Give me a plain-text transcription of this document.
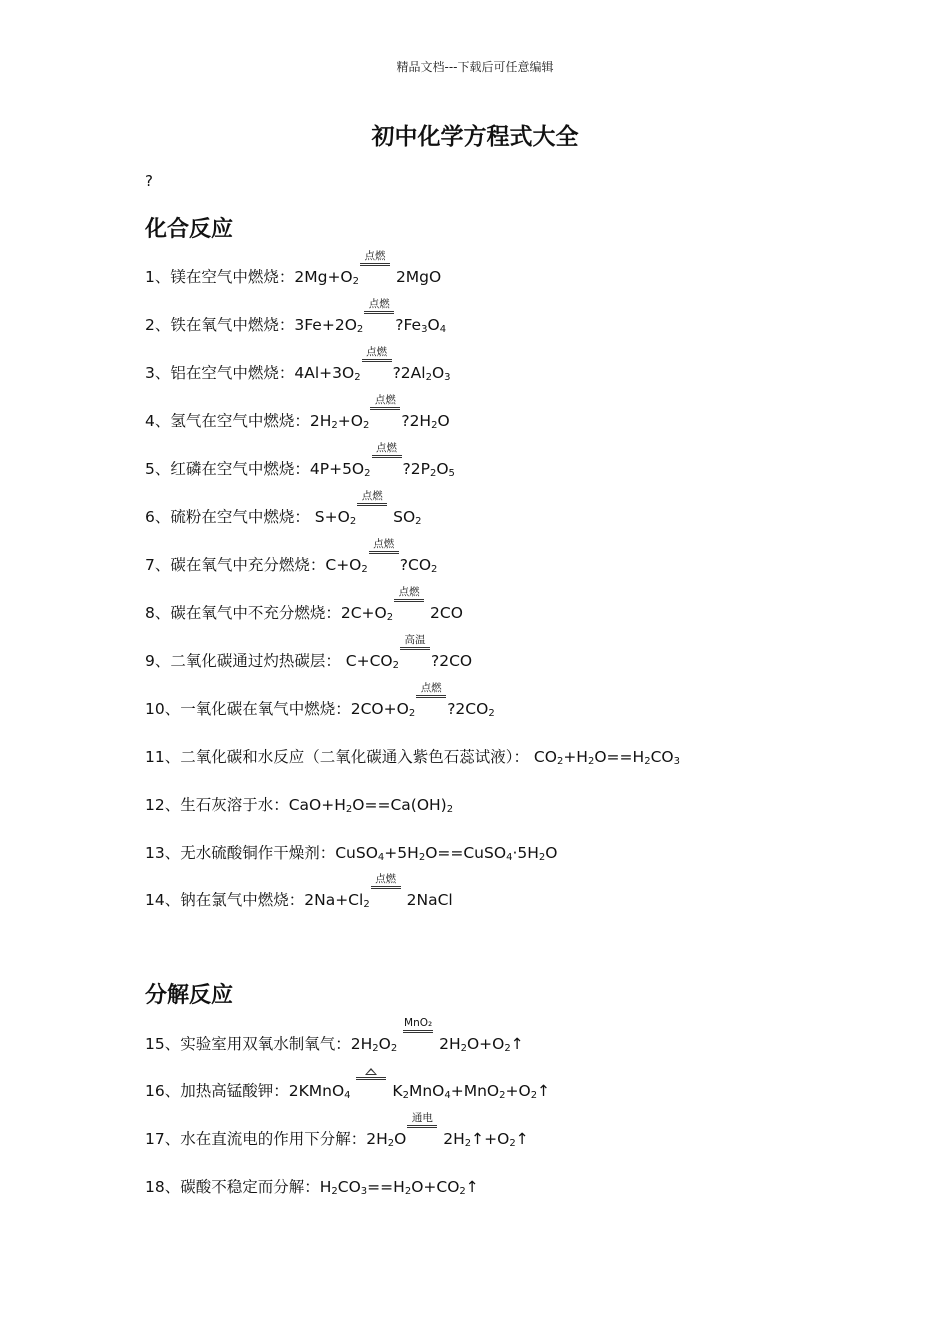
精品文档---下载后可任意编辑
初中化学方程式大全
?
化合反应
分解反应
1、镁在空气中燃烧：$2Mg+O_2$
点燃
2MgO
2、铁在氧气中燃烧：$3Fe+2O_2$
点燃
$?Fe_3O_4$
3、铝在空气中燃烧：$4Al+3O_2$
点燃
$?2Al_2O_3$
4、氢气在空气中燃烧：$2H_2+O_2$
点燃
$?2H_2O$
5、红磷在空气中燃烧：$4P+5O_2$
点燃
$?2P_2O_5$
6、硫粉在空气中燃烧： $S+O_2$
点燃
$SO_2$
7、碳在氧气中充分燃烧：$C+O_2$
点燃
$?CO_2$
8、碳在氧气中不充分燃烧：$2C+O_2$
点燃
2CO
9、二氧化碳通过灼热碳层： $C+CO_2$
高温
?2CO
10、一氧化碳在氧气中燃烧：$2CO+O_2$
点燃
$?2CO_2$
11、二氧化碳和水反应（二氧化碳通入紫色石蕊试液）： $CO_2+H_2O==H_2CO_3$
12、生石灰溶于水：$CaO+H_2O==Ca(OH)_2$
13、无水硫酸铜作干燥剂：$CuSO_4+5H_2O==CuSO_4\cdot 5H_2O$
14、钠在氯气中燃烧：$2Na+Cl_2$
点燃
2NaCl
15、实验室用双氧水制氧气：$2H_2O_2$
MnO₂
$2H_2O+O_2↑$
16、加热高锰酸钾：2KMnO$_4$
$K_2MnO_4+MnO_2+O_2↑$
17、水在直流电的作用下分解：$2H_2O$
通电
$2H_2↑+O_2↑$
18、碳酸不稳定而分解：$H_2CO_3==H_2O+CO_2↑$
